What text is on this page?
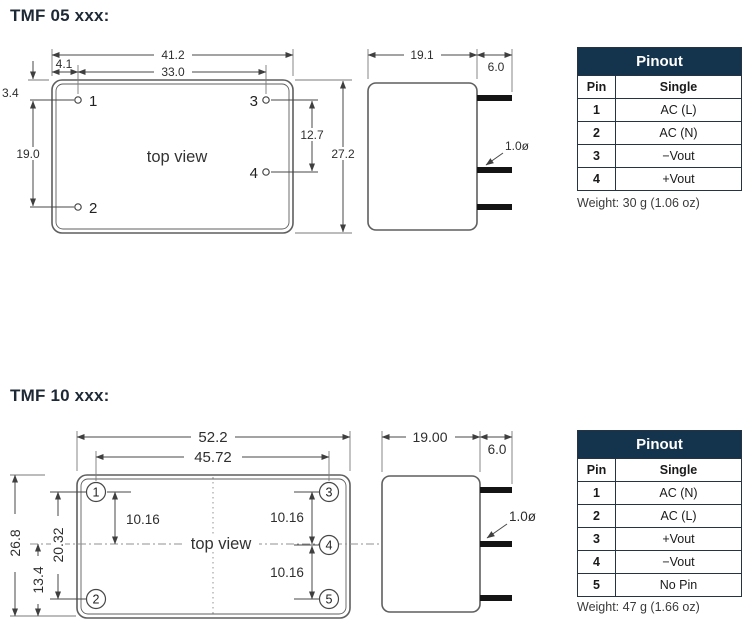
TMF 05 xxx:
top view
1
2
3
4
41.2
4.1
33.0
3.4
19.0
12.7
27.2
19.1
6.0
1.0ø
Pinout	
Pin	Single
1	AC (L)
2	AC (N)
3	−Vout
4	+Vout
Weight: 30 g (1.06 oz)
TMF 10 xxx:
top view
1
2
3
4
5
52.2
45.72
26.8 20.32
13.4
10.16	10.16
10.16
19.00
6.0
1.0ø
Pinout	
Pin	Single
1	AC (N)
2	AC (L)
3	+Vout
4	−Vout
5	No Pin
Weight: 47 g (1.66 oz)
